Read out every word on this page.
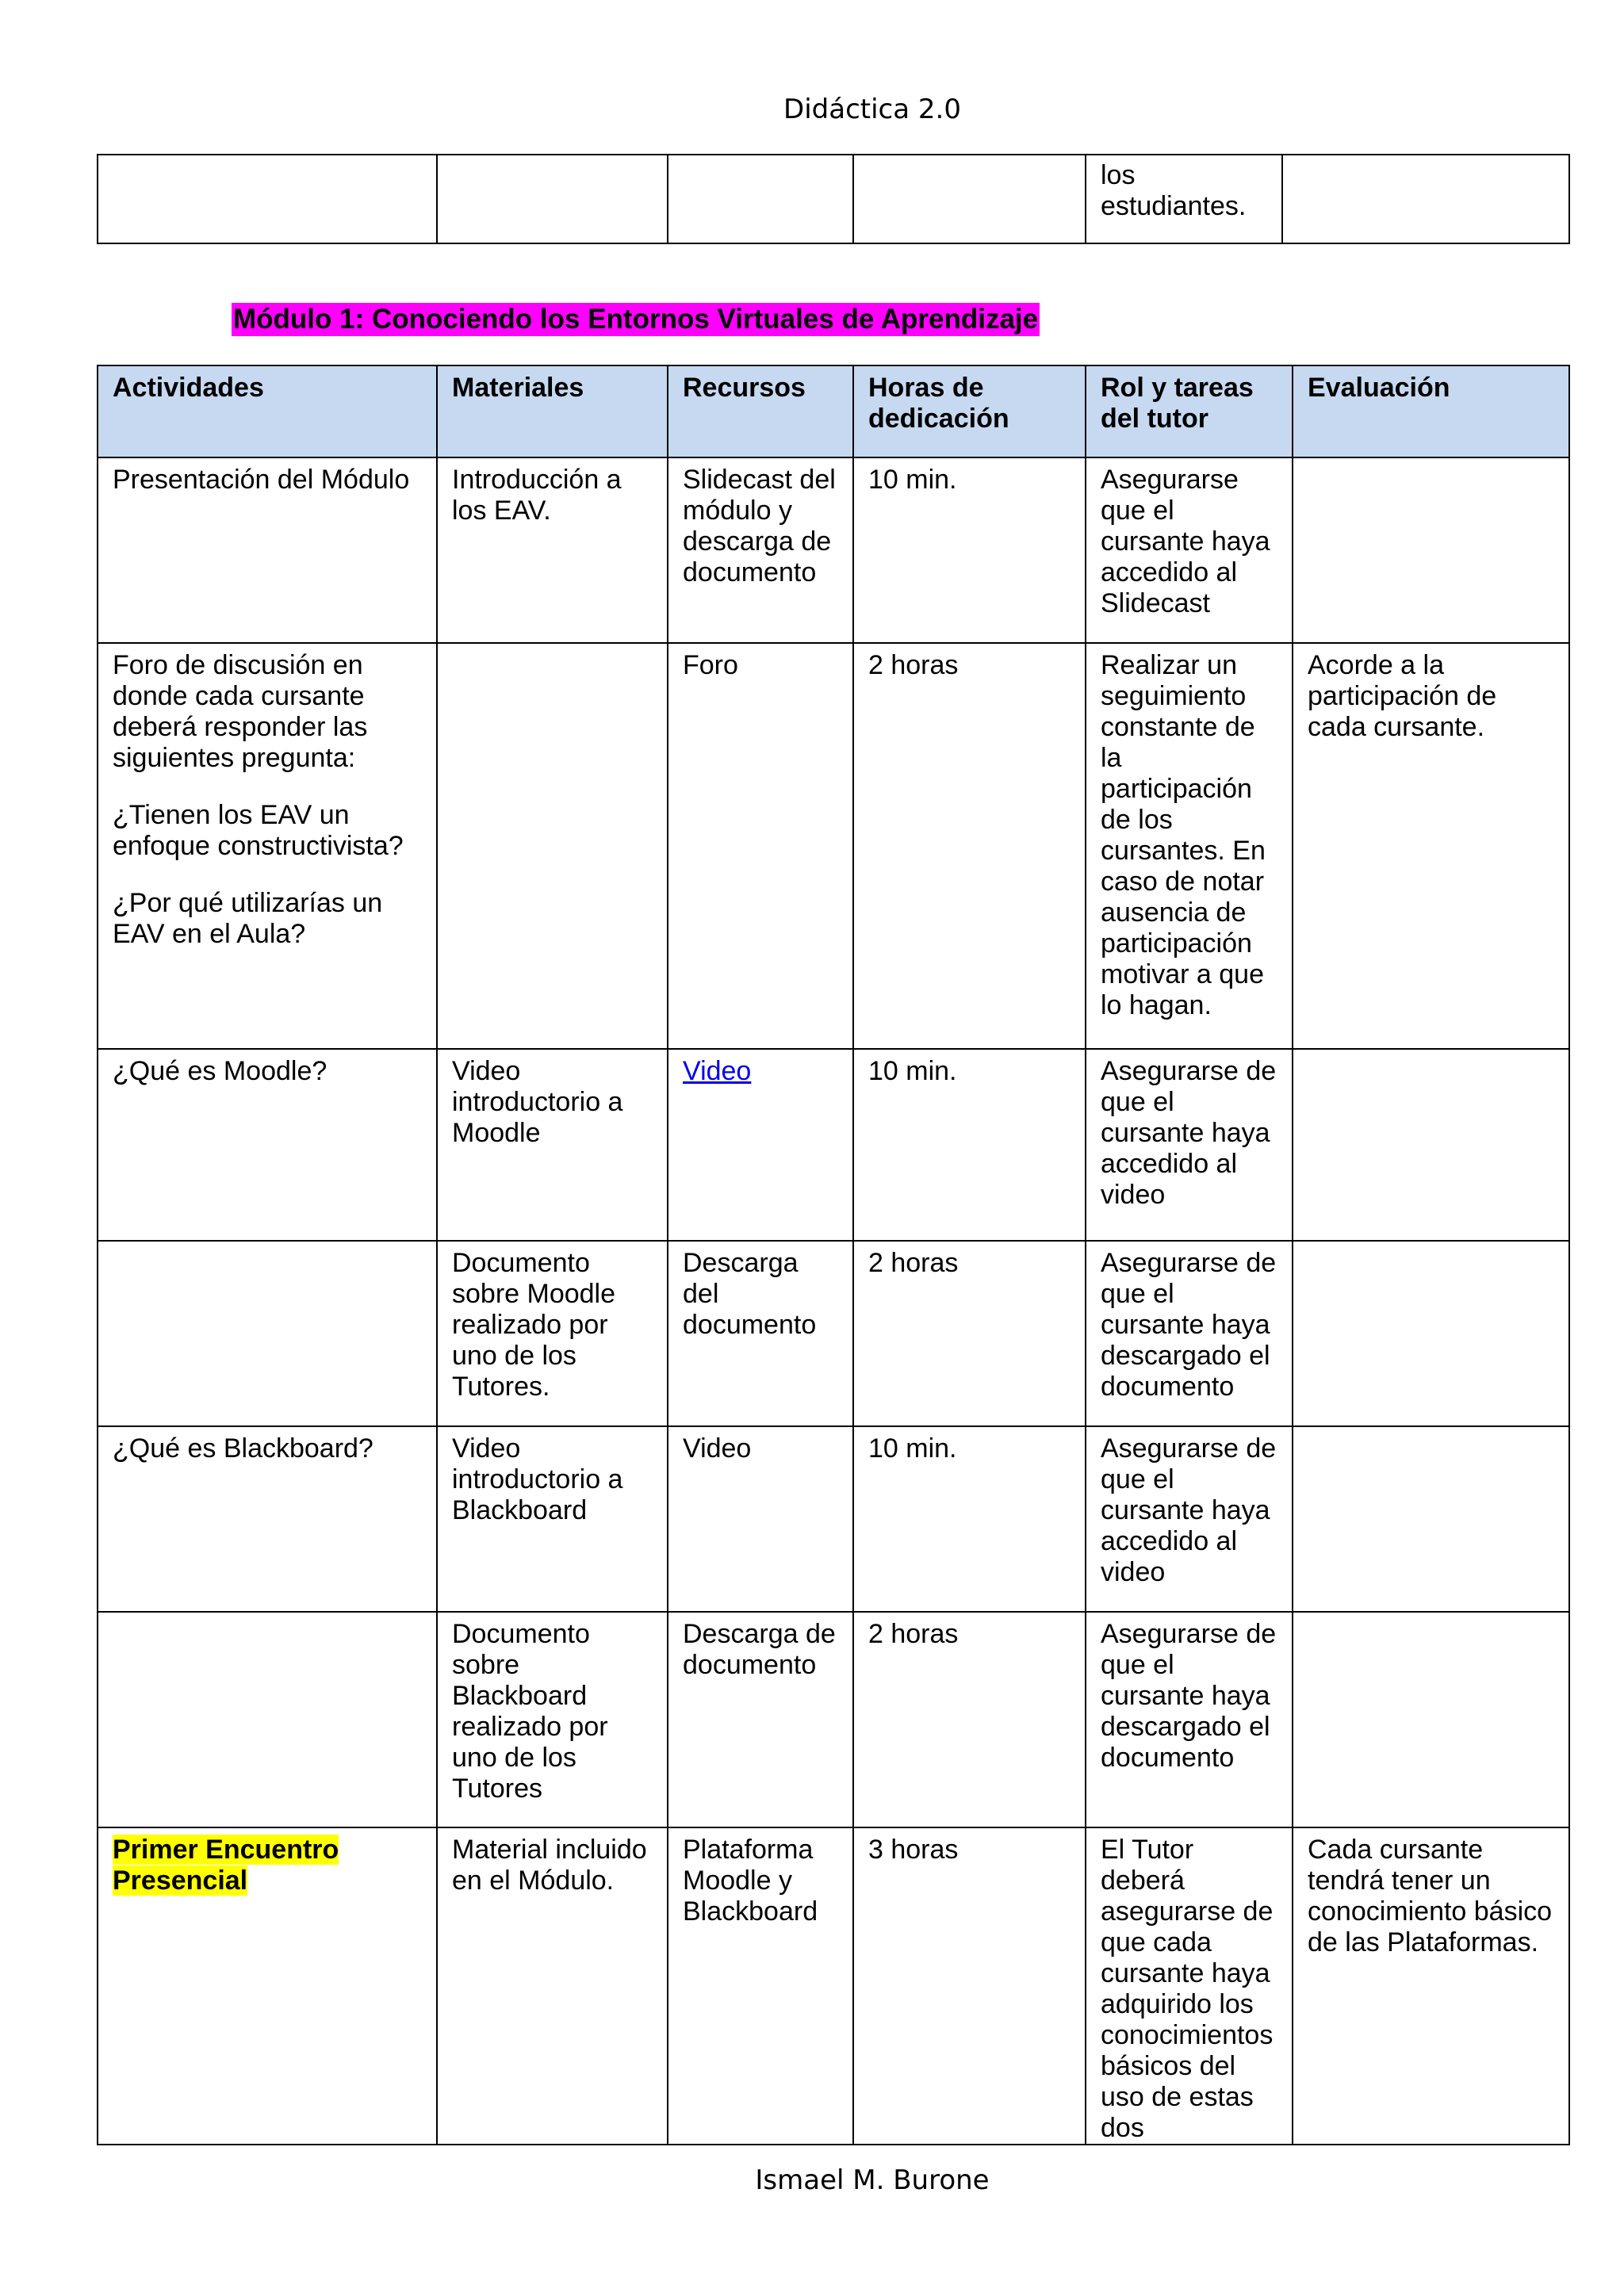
Didáctica 2.0
				los estudiantes.	
Módulo 1: Conociendo los Entornos Virtuales de Aprendizaje
Actividades	Materiales	Recursos	Horas de dedicación	Rol y tareas del tutor	Evaluación
Presentación del Módulo	Introducción a los EAV.	Slidecast del módulo y descarga de documento	10 min.	Asegurarse que el cursante haya accedido al Slidecast	

Foro de discusión en donde cada cursante deberá responder las siguientes pregunta:

¿Tienen los EAV un enfoque constructivista?

¿Por qué utilizarías un EAV en el Aula?		Foro	2 horas	Realizar un seguimiento constante de la participación de los cursantes. En caso de notar ausencia de participación motivar a que lo hagan.	Acorde a la participación de cada cursante.
¿Qué es Moodle?	Video introductorio a Moodle	Video	10 min.	Asegurarse de que el cursante haya accedido al video	
	Documento sobre Moodle realizado por uno de los Tutores.	Descarga del documento	2 horas	Asegurarse de que el cursante haya descargado el documento	
¿Qué es Blackboard?	Video introductorio a Blackboard	Video	10 min.	Asegurarse de que el cursante haya accedido al video	
	Documento sobre Blackboard realizado por uno de los Tutores	Descarga de documento	2 horas	Asegurarse de que el cursante haya descargado el documento	
Primer Encuentro Presencial	Material incluido en el Módulo.	Plataforma Moodle y Blackboard	3 horas	El Tutor deberá asegurarse de que cada cursante haya adquirido los conocimientos básicos del uso de estas dos	Cada cursante tendrá tener un conocimiento básico de las Plataformas.
Ismael M. Burone
